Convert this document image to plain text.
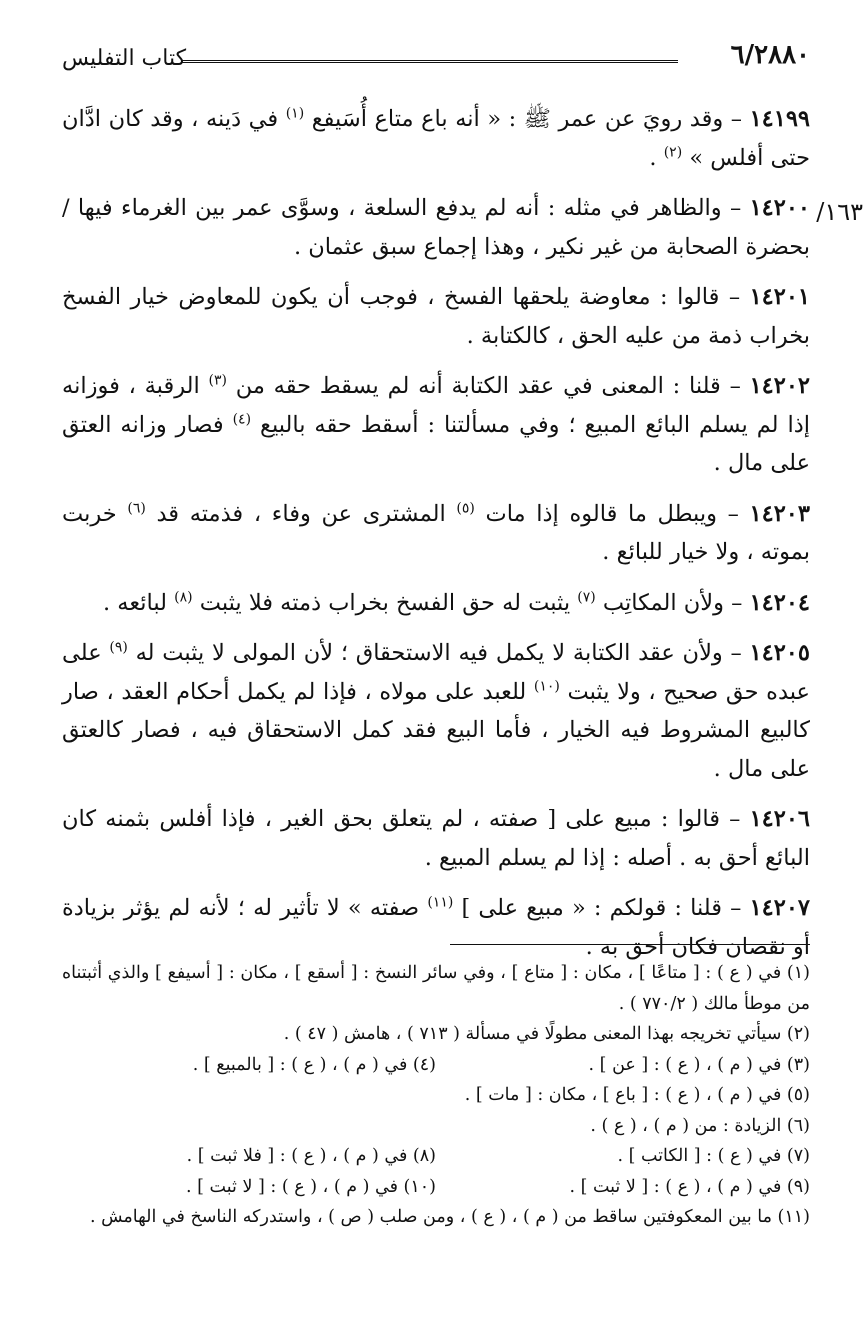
٦/٢٨٨٠
كتاب التفليس
١٦٣/

١٤١٩٩ – وقد رويَ عن عمر ﷺ : « أنه باع متاع أُسَيفع $^{(١)}$ في دَينه ، وقد كان ادَّان حتى أفلس » $^{(٢)}$ .

١٤٢٠٠ – والظاهر في مثله : أنه لم يدفع السلعة ، وسوَّى عمر بين الغرماء فيها / بحضرة الصحابة من غير نكير ، وهذا إجماع سبق عثمان .

١٤٢٠١ – قالوا : معاوضة يلحقها الفسخ ، فوجب أن يكون للمعاوض خيار الفسخ بخراب ذمة من عليه الحق ، كالكتابة .

١٤٢٠٢ – قلنا : المعنى في عقد الكتابة أنه لم يسقط حقه من $^{(٣)}$ الرقبة ، فوزانه إذا لم يسلم البائع المبيع ؛ وفي مسألتنا : أسقط حقه بالبيع $^{(٤)}$ فصار وزانه العتق على مال .

١٤٢٠٣ – ويبطل ما قالوه إذا مات $^{(٥)}$ المشترى عن وفاء ، فذمته قد $^{(٦)}$ خربت بموته ، ولا خيار للبائع .

١٤٢٠٤ – ولأن المكاتِب $^{(٧)}$ يثبت له حق الفسخ بخراب ذمته فلا يثبت $^{(٨)}$ لبائعه .

١٤٢٠٥ – ولأن عقد الكتابة لا يكمل فيه الاستحقاق ؛ لأن المولى لا يثبت له $^{(٩)}$ على عبده حق صحيح ، ولا يثبت $^{(١٠)}$ للعبد على مولاه ، فإذا لم يكمل أحكام العقد ، صار كالبيع المشروط فيه الخيار ، فأما البيع فقد كمل الاستحقاق فيه ، فصار كالعتق على مال .

١٤٢٠٦ – قالوا : مبيع على [ صفته ، لم يتعلق بحق الغير ، فإذا أفلس بثمنه كان البائع أحق به . أصله : إذا لم يسلم المبيع .

١٤٢٠٧ – قلنا : قولكم : « مبيع على ] $^{(١١)}$ صفته » لا تأثير له ؛ لأنه لم يؤثر بزيادة أو نقصان فكان أحق به .

(١) في ( ع ) : [ متاعًا ] ، مكان : [ متاع ] ، وفي سائر النسخ : [ أسقع ] ، مكان : [ أسيفع ] والذي أثبتناه من موطأ مالك ( ٧٧٠/٢ ) .

(٢) سيأتي تخريجه بهذا المعنى مطولًا في مسألة ( ٧١٣ ) ، هامش ( ٤٧ ) .

(٣) في ( م ) ، ( ع ) : [ عن ] .
(٤) في ( م ) ، ( ع ) : [ بالمبيع ] .

(٥) في ( م ) ، ( ع ) : [ باع ] ، مكان : [ مات ] .

(٦) الزيادة : من ( م ) ، ( ع ) .

(٧) في ( ع ) : [ الكاتب ] .
(٨) في ( م ) ، ( ع ) : [ فلا ثبت ] .
(٩) في ( م ) ، ( ع ) : [ لا ثبت ] .
(١٠) في ( م ) ، ( ع ) : [ لا ثبت ] .

(١١) ما بين المعكوفتين ساقط من ( م ) ، ( ع ) ، ومن صلب ( ص ) ، واستدركه الناسخ في الهامش .
